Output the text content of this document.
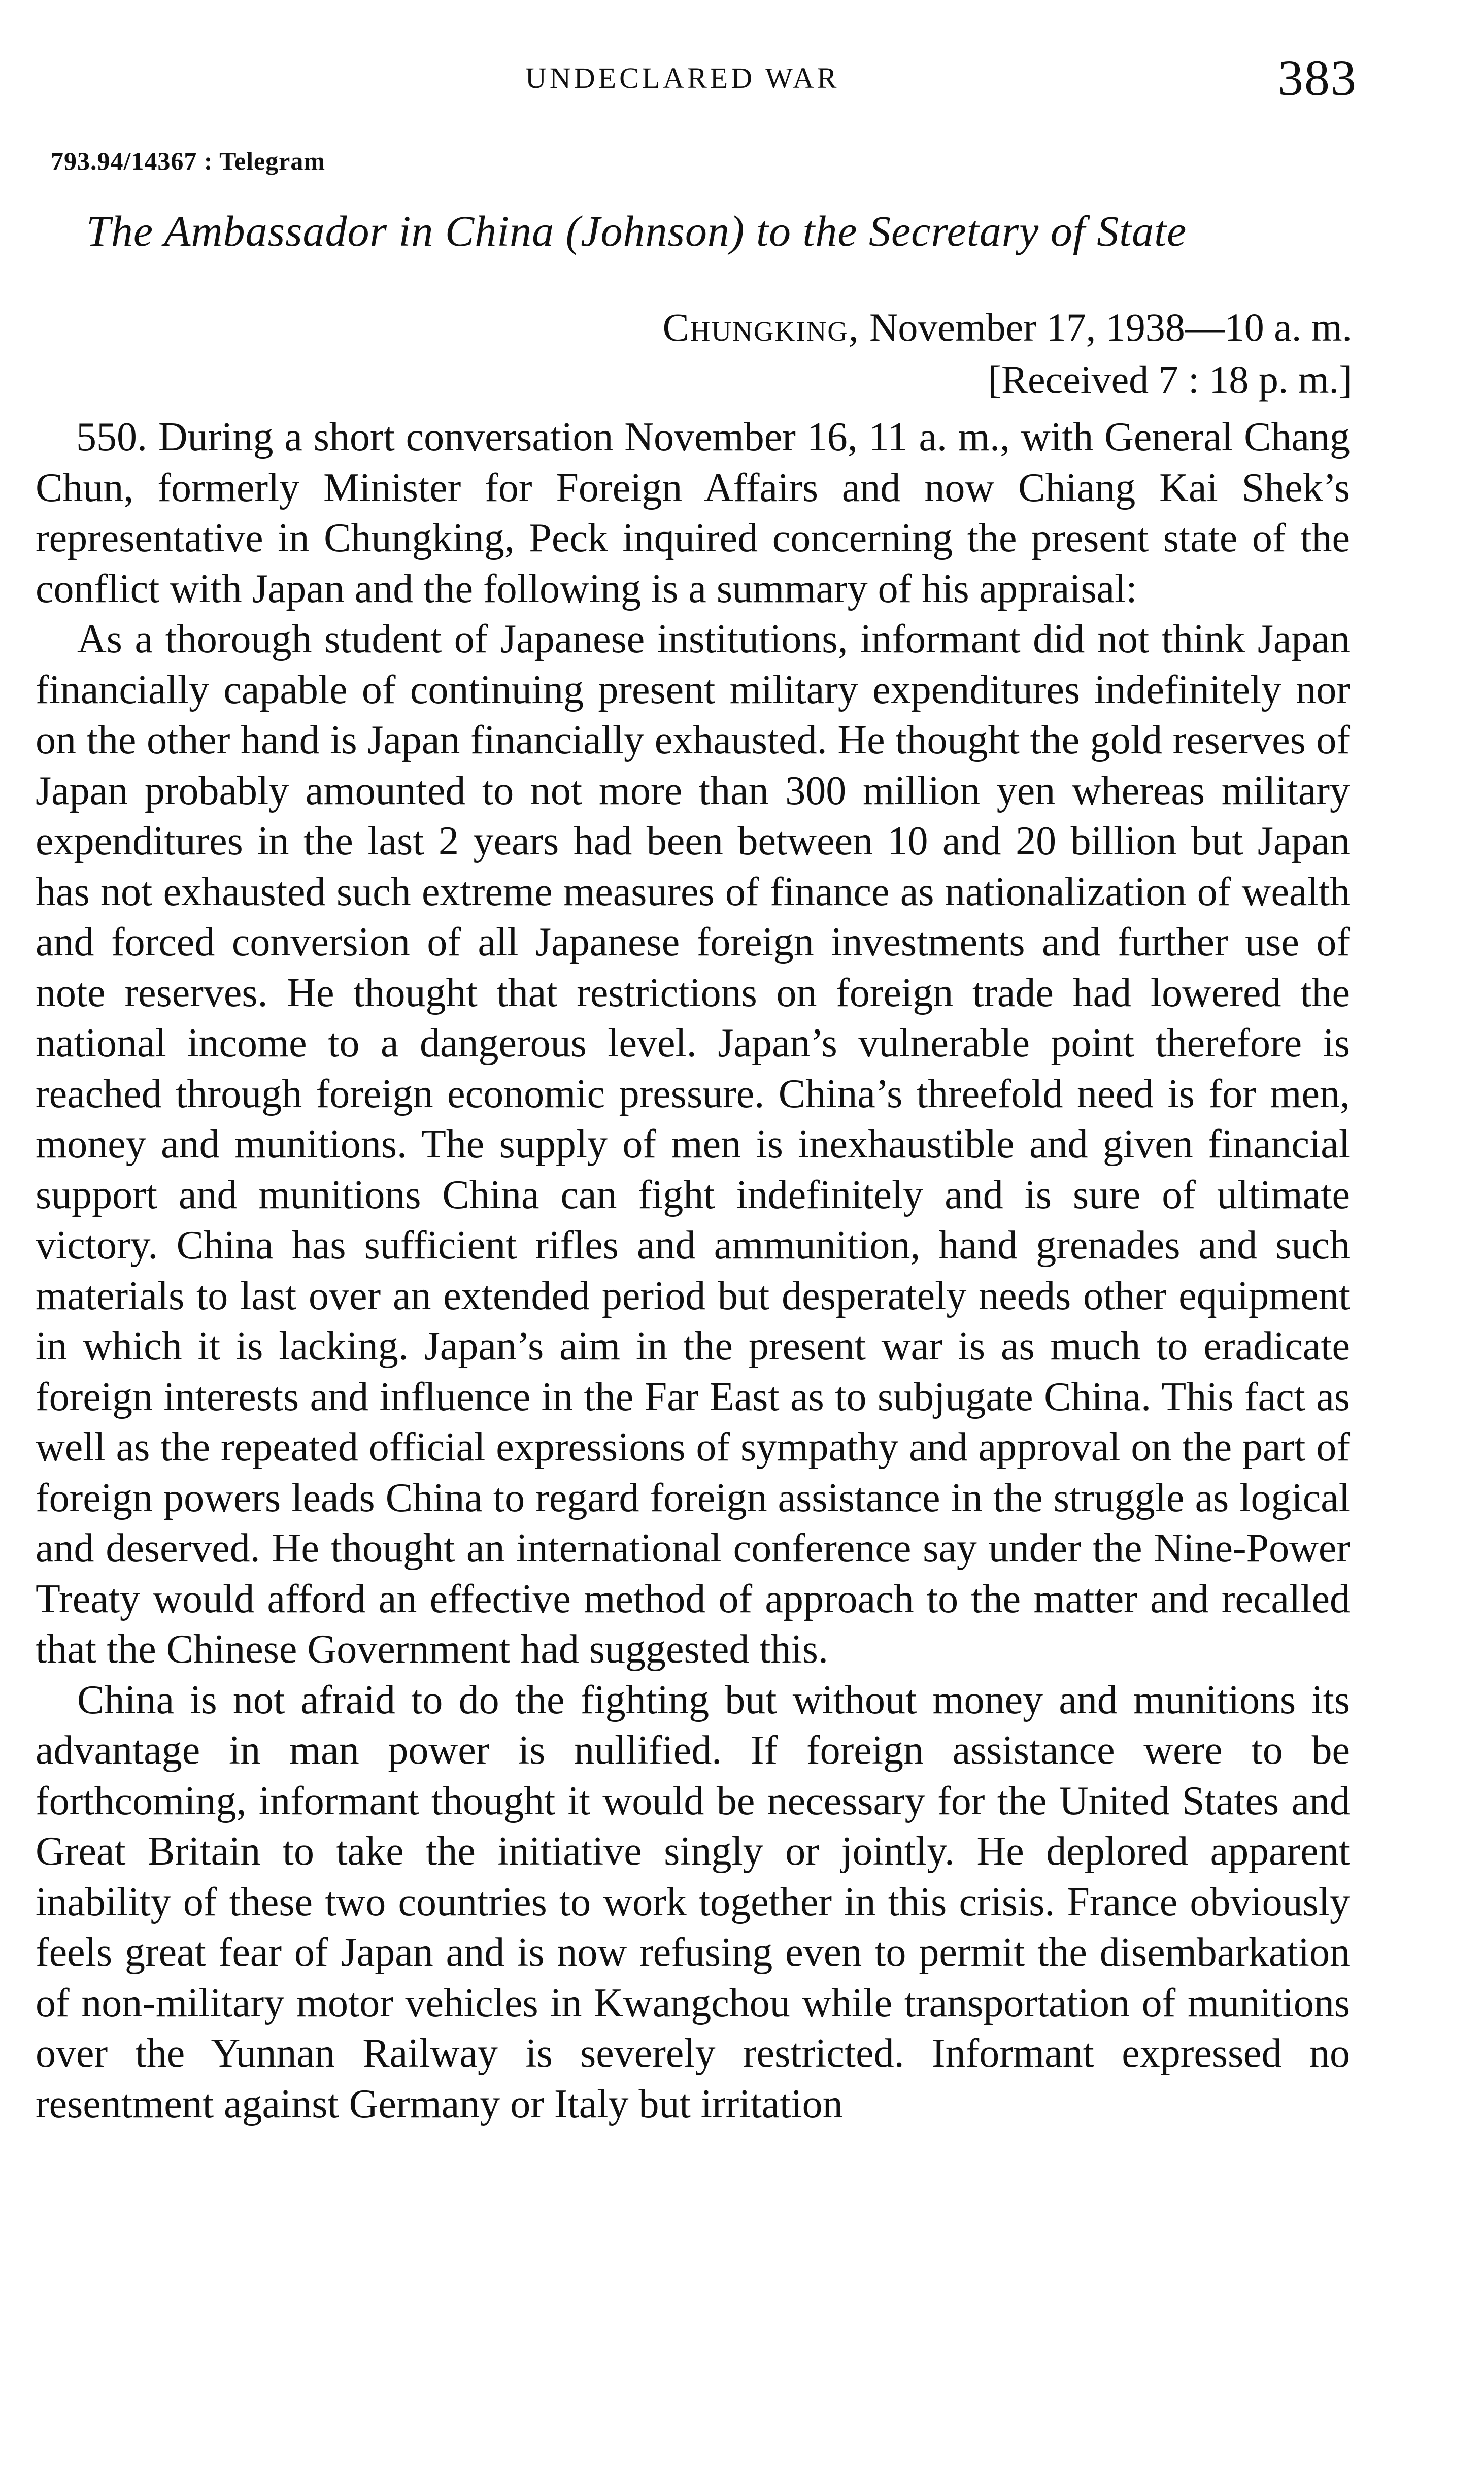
UNDECLARED WAR	383
793.94/14367 : Telegram
The Ambassador in China (Johnson) to the Secretary of State
Chungking, November 17, 1938—10 a. m.
[Received 7 : 18 p. m.]

550. During a short conversation November 16, 11 a. m., with General Chang Chun, formerly Minister for Foreign Affairs and now Chiang Kai Shek’s representative in Chungking, Peck inquired concerning the present state of the conflict with Japan and the following is a summary of his appraisal:

As a thorough student of Japanese institutions, informant did not think Japan financially capable of continuing present military expenditures indefinitely nor on the other hand is Japan financially exhausted. He thought the gold reserves of Japan probably amounted to not more than 300 million yen whereas military expenditures in the last 2 years had been between 10 and 20 billion but Japan has not exhausted such extreme measures of finance as nationalization of wealth and forced conversion of all Japanese foreign investments and further use of note reserves. He thought that restrictions on foreign trade had lowered the national income to a dangerous level. Japan’s vulnerable point therefore is reached through foreign economic pressure. China’s threefold need is for men, money and munitions. The supply of men is inexhaustible and given financial support and munitions China can fight indefinitely and is sure of ultimate victory. China has sufficient rifles and ammunition, hand grenades and such materials to last over an extended period but desperately needs other equipment in which it is lacking. Japan’s aim in the present war is as much to eradicate foreign interests and influence in the Far East as to subjugate China. This fact as well as the repeated official expressions of sympathy and approval on the part of foreign powers leads China to regard foreign assistance in the struggle as logical and deserved. He thought an international conference say under the Nine-Power Treaty would afford an effective method of approach to the matter and recalled that the Chinese Government had suggested this.

China is not afraid to do the fighting but without money and munitions its advantage in man power is nullified. If foreign assistance were to be forthcoming, informant thought it would be necessary for the United States and Great Britain to take the initiative singly or jointly. He deplored apparent inability of these two countries to work together in this crisis. France obviously feels great fear of Japan and is now refusing even to permit the disembarkation of non-military motor vehicles in Kwangchou while transportation of munitions over the Yunnan Railway is severely restricted. Informant expressed no resentment against Germany or Italy but irritation
